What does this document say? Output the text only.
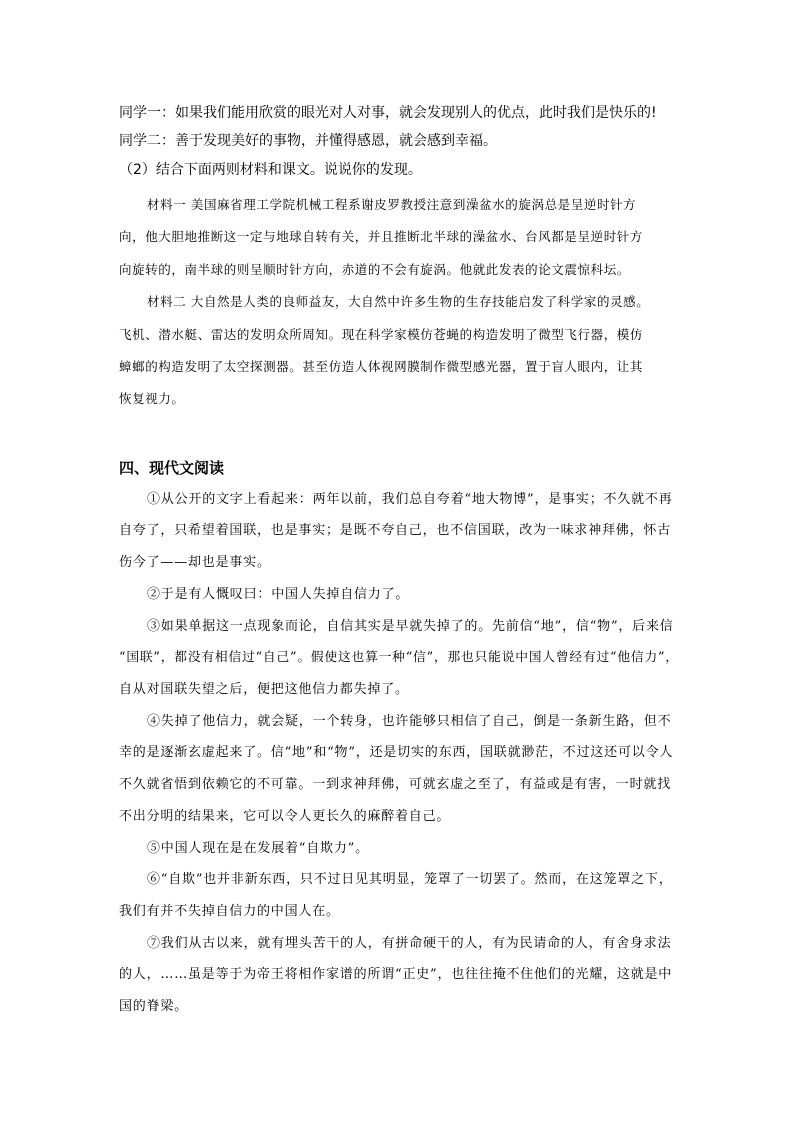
同学一：如果我们能用欣赏的眼光对人对事，就会发现别人的优点，此时我们是快乐的!
同学二：善于发现美好的事物，并懂得感恩，就会感到幸福。
（2）结合下面两则材料和课文。说说你的发现。
材料一 美国麻省理工学院机械工程系谢皮罗教授注意到澡盆水的旋涡总是呈逆时针方
向，他大胆地推断这一定与地球自转有关，并且推断北半球的澡盆水、台风都是呈逆时针方
向旋转的，南半球的则呈顺时针方向，赤道的不会有旋涡。他就此发表的论文震惊科坛。
材料二 大自然是人类的良师益友，大自然中许多生物的生存技能启发了科学家的灵感。
飞机、潜水艇、雷达的发明众所周知。现在科学家模仿苍蝇的构造发明了微型飞行器，模仿
蟑螂的构造发明了太空探测器。甚至仿造人体视网膜制作微型感光器，置于盲人眼内，让其
恢复视力。
四、现代文阅读
①从公开的文字上看起来：两年以前，我们总自夸着“地大物博”，是事实；不久就不再
自夸了，只希望着国联，也是事实；是既不夸自己，也不信国联，改为一味求神拜佛，怀古
伤今了——却也是事实。
②于是有人慨叹曰：中国人失掉自信力了。
③如果单据这一点现象而论，自信其实是早就失掉了的。先前信“地”，信“物”，后来信
“国联”，都没有相信过“自己”。假使这也算一种“信”，那也只能说中国人曾经有过“他信力”，
自从对国联失望之后，便把这他信力都失掉了。
④失掉了他信力，就会疑，一个转身，也许能够只相信了自己，倒是一条新生路，但不
幸的是逐渐玄虚起来了。信“地”和“物”，还是切实的东西，国联就渺茫，不过这还可以令人
不久就省悟到依赖它的不可靠。一到求神拜佛，可就玄虚之至了，有益或是有害，一时就找
不出分明的结果来，它可以令人更长久的麻醉着自己。
⑤中国人现在是在发展着“自欺力”。
⑥“自欺”也并非新东西，只不过日见其明显，笼罩了一切罢了。然而，在这笼罩之下，
我们有并不失掉自信力的中国人在。
⑦我们从古以来，就有埋头苦干的人，有拼命硬干的人，有为民请命的人，有舍身求法
的人，……虽是等于为帝王将相作家谱的所谓“正史”，也往往掩不住他们的光耀，这就是中
国的脊梁。
